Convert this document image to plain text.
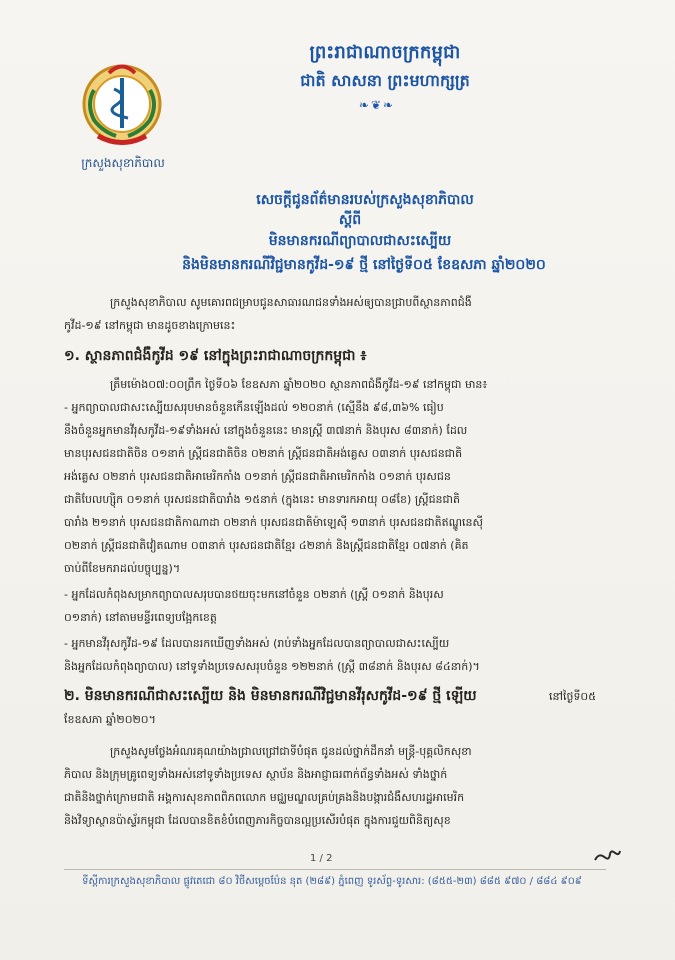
ក្រសួងសុខាភិបាល
ព្រះរាជាណាចក្រកម្ពុជា
ជាតិ សាសនា ព្រះមហាក្សត្រ
❧❦❧
សេចក្តីជូនព័ត៌មានរបស់ក្រសួងសុខាភិបាល
ស្តីពី
មិនមានករណីព្យាបាលជាសះស្បើយ
និងមិនមានករណីវិជ្ជមានកូវីដ-១៩ ថ្មី នៅថ្ងៃទី០៥ ខែឧសភា ឆ្នាំ២០២០
ក្រសួងសុខាភិបាល សូមគោរពជម្រាបជូនសាធារណជនទាំងអស់ឲ្យបានជ្រាបពីស្ថានភាពជំងឺ
កូវីដ-១៩ នៅកម្ពុជា មានដូចខាងក្រោមនេះ
១. ស្ថានភាពជំងឺកូវីដ ១៩ នៅក្នុងព្រះរាជាណាចក្រកម្ពុជា ៖
ត្រឹមម៉ោង០៧:០០ព្រឹក ថ្ងៃទី០៦ ខែឧសភា ឆ្នាំ២០២០ ស្ថានភាពជំងឺកូវីដ-១៩ នៅកម្ពុជា មាន៖
- អ្នកព្យាបាលជាសះស្បើយសរុបមានចំនួនកើនឡើងដល់ ១២០នាក់ (ស្មើនឹង ៩៨,៣៦% ធៀប
នឹងចំនួនអ្នកមានវីរុសកូវីដ-១៩ទាំងអស់ នៅក្នុងចំនួននេះ មានស្ត្រី ៣៧នាក់ និងបុរស ៨៣នាក់) ដែល
មានបុរសជនជាតិចិន ០១នាក់ ស្ត្រីជនជាតិចិន ០២នាក់ ស្ត្រីជនជាតិអង់គ្លេស ០៣នាក់ បុរសជនជាតិ
អង់គ្លេស ០២នាក់ បុរសជនជាតិអាមេរិកកាំង ០១នាក់ ស្ត្រីជនជាតិអាមេរិកកាំង ០១នាក់ បុរសជន
ជាតិបែលហ្ស៊ិក ០១នាក់ បុរសជនជាតិបារាំង ១៥នាក់ (ក្នុងនេះ មានទារកអាយុ ០៨ខែ) ស្ត្រីជនជាតិ
បារាំង ២១នាក់ បុរសជនជាតិកាណាដា ០២នាក់ បុរសជនជាតិម៉ាឡេស៊ី ១៣នាក់ បុរសជនជាតិឥណ្ឌូនេស៊ី
០២នាក់ ស្ត្រីជនជាតិវៀតណាម ០៣នាក់ បុរសជនជាតិខ្មែរ ៤២នាក់ និងស្ត្រីជនជាតិខ្មែរ ០៧នាក់ (គិត
ចាប់ពីខែមករាដល់បច្ចុប្បន្ន)។
- អ្នកដែលកំពុងសម្រាកព្យាបាលសរុបបានថយចុះមកនៅចំនួន ០២នាក់ (ស្ត្រី ០១នាក់ និងបុរស
០១នាក់) នៅតាមមន្ទីរពេទ្យបង្អែកខេត្ត
- អ្នកមានវីរុសកូវីដ-១៩ ដែលបានរកឃើញទាំងអស់ (រាប់ទាំងអ្នកដែលបានព្យាបាលជាសះស្បើយ
និងអ្នកដែលកំពុងព្យាបាល) នៅទូទាំងប្រទេសសរុបចំនួន ១២២នាក់ (ស្ត្រី ៣៨នាក់ និងបុរស ៨៤នាក់)។
២. មិនមានករណីជាសះស្បើយ និង មិនមានករណីវិជ្ជមានវីរុសកូវីដ-១៩ ថ្មី ឡើយ	នៅថ្ងៃទី០៥
ខែឧសភា ឆ្នាំ២០២០។
ក្រសួងសូមថ្លែងអំណរគុណយ៉ាងជ្រាលជ្រៅជាទីបំផុត ជូនដល់ថ្នាក់ដឹកនាំ មន្ត្រី-បុគ្គលិកសុខា
ភិបាល និងក្រុមគ្រូពេទ្យទាំងអស់នៅទូទាំងប្រទេស ស្ថាប័ន និងអាជ្ញាធរពាក់ព័ន្ធទាំងអស់ ទាំងថ្នាក់
ជាតិនិងថ្នាក់ក្រោមជាតិ អង្គការសុខភាពពិភពលោក មជ្ឈមណ្ឌលគ្រប់គ្រងនិងបង្ការជំងឺសហរដ្ឋអាមេរិក
និងវិទ្យាស្ថានប៉ាស្ទ័រកម្ពុជា ដែលបានខិតខំបំពេញភារកិច្ចបានល្អប្រសើរបំផុត ក្នុងការជួយពិនិត្យសុខ
1 / 2
ទីស្តីការក្រសួងសុខាភិបាល ផ្លូវតេជោ ៨០ វិថីសម្តេចប៉ែន នុត (២៨៩) ភ្នំពេញ ទូរស័ព្ទ-ទូរសារ: (៨៥៥-២៣) ៨៨៥ ៩៧០ / ៨៨៤ ៩០៩
